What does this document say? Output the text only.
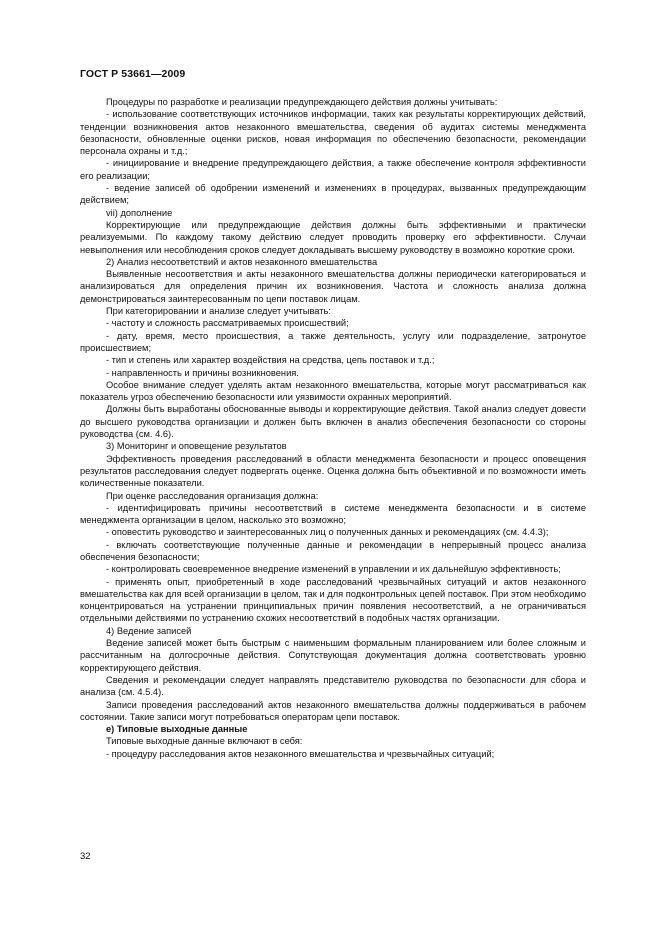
ГОСТ Р 53661—2009

Процедуры по разработке и реализации предупреждающего действия должны учитывать:

- использование соответствующих источников информации, таких как результаты корректирующих действий, тенденции возникновения актов незаконного вмешательства, сведения об аудитах системы менеджмента безопасности, обновленные оценки рисков, новая информация по обеспечению безопасности, рекомендации персонала охраны и т.д.;

- инициирование и внедрение предупреждающего действия, а также обеспечение контроля эффективности его реализации;

- ведение записей об одобрении изменений и изменениях в процедурах, вызванных предупреждающим действием;

vii) дополнение

Корректирующие или предупреждающие действия должны быть эффективными и практически реализуемыми. По каждому такому действию следует проводить проверку его эффективности. Случаи невыполнения или несоблюдения сроков следует докладывать высшему руководству в возможно короткие сроки.

2) Анализ несоответствий и актов незаконного вмешательства

Выявленные несоответствия и акты незаконного вмешательства должны периодически категорироваться и анализироваться для определения причин их возникновения. Частота и сложность анализа должна демонстрироваться заинтересованным по цепи поставок лицам.

При категорировании и анализе следует учитывать:

- частоту и сложность рассматриваемых происшествий;

- дату, время, место происшествия, а также деятельность, услугу или подразделение, затронутое происшествием;

- тип и степень или характер воздействия на средства, цепь поставок и т.д.;

- направленность и причины возникновения.

Особое внимание следует уделять актам незаконного вмешательства, которые могут рассматриваться как показатель угроз обеспечению безопасности или уязвимости охранных мероприятий.

Должны быть выработаны обоснованные выводы и корректирующие действия. Такой анализ следует довести до высшего руководства организации и должен быть включен в анализ обеспечения безопасности со стороны руководства (см. 4.6).

3) Мониторинг и оповещение результатов

Эффективность проведения расследований в области менеджмента безопасности и процесс оповещения результатов расследования следует подвергать оценке. Оценка должна быть объективной и по возможности иметь количественные показатели.

При оценке расследования организация должна:

- идентифицировать причины несоответствий в системе менеджмента безопасности и в системе менеджмента организации в целом, насколько это возможно;

- оповестить руководство и заинтересованных лиц о полученных данных и рекомендациях (см. 4.4.3);

- включать соответствующие полученные данные и рекомендации в непрерывный процесс анализа обеспечения безопасности;

- контролировать своевременное внедрение изменений в управлении и их дальнейшую эффективность;

- применять опыт, приобретенный в ходе расследований чрезвычайных ситуаций и актов незаконного вмешательства как для всей организации в целом, так и для подконтрольных цепей поставок. При этом необходимо концентрироваться на устранении принципиальных причин появления несоответствий, а не ограничиваться отдельными действиями по устранению схожих несоответствий в подобных частях организации.

4) Ведение записей

Ведение записей может быть быстрым с наименьшим формальным планированием или более сложным и рассчитанным на долгосрочные действия. Сопутствующая документация должна соответствовать уровню корректирующего действия.

Сведения и рекомендации следует направлять представителю руководства по безопасности для сбора и анализа (см. 4.5.4).

Записи проведения расследований актов незаконного вмешательства должны поддерживаться в рабочем состоянии. Такие записи могут потребоваться операторам цепи поставок.

е) Типовые выходные данные

Типовые выходные данные включают в себя:

- процедуру расследования актов незаконного вмешательства и чрезвычайных ситуаций;

32
